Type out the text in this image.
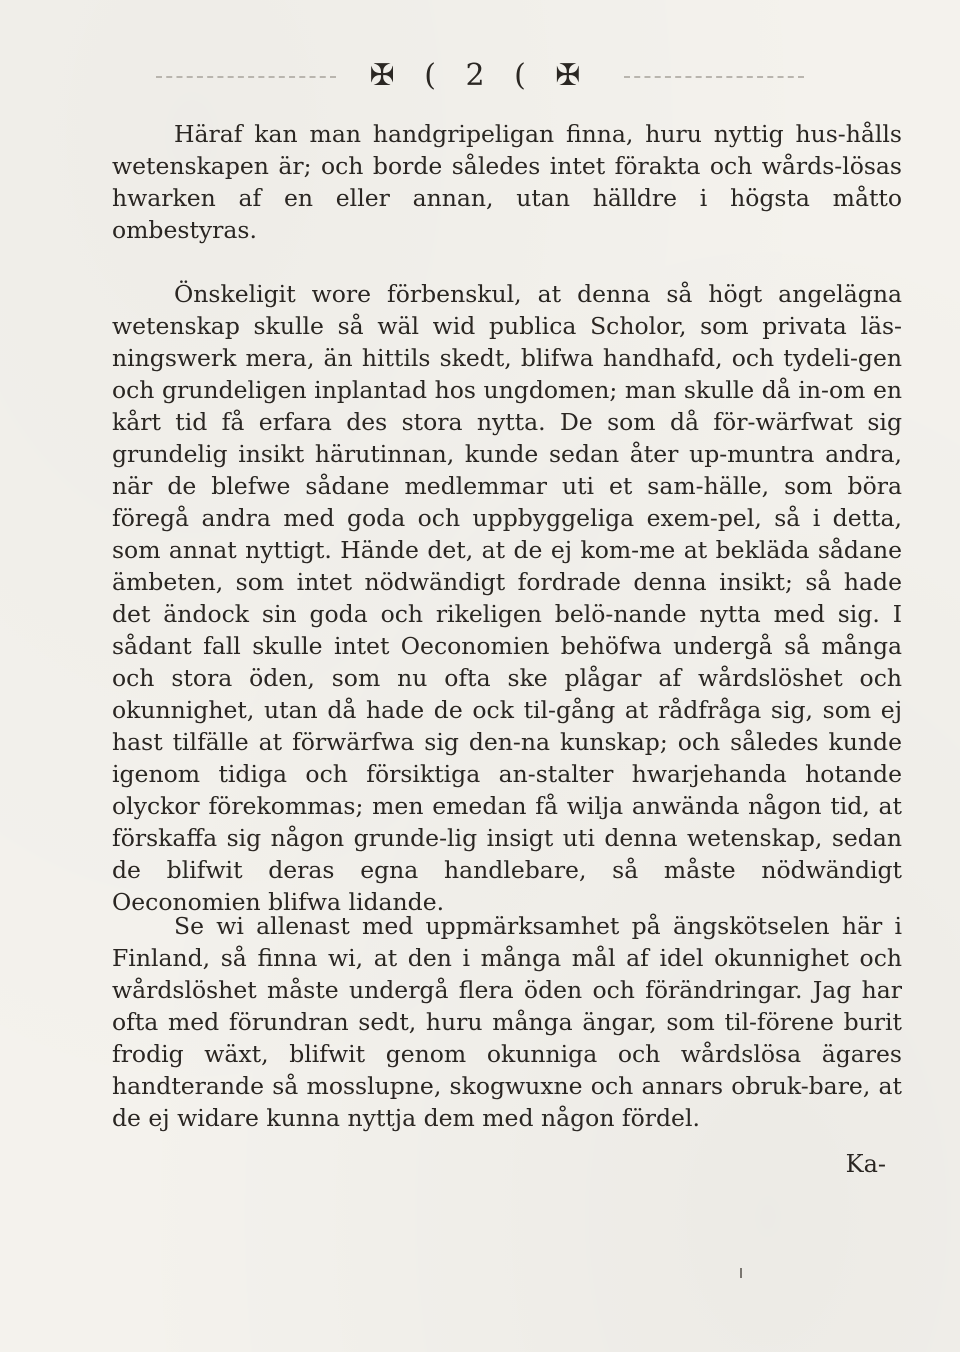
✠ ( 2 ( ✠

Häraf kan man handgripeligan finna, huru nyttig hus-hålls wetenskapen är; och borde således intet förakta och wårds-lösas hwarken af en eller annan, utan hälldre i högsta måtto ombestyras.

Önskeligit wore förbenskul, at denna så högt angelägna wetenskap skulle så wäl wid publica Scholor, som privata läs-ningswerk mera, än hittils skedt, blifwa handhafd, och tydeli-gen och grundeligen inplantad hos ungdomen; man skulle då in-om en kårt tid få erfara des stora nytta. De som då för-wärfwat sig grundelig insikt härutinnan, kunde sedan åter up-muntra andra, när de blefwe sådane medlemmar uti et sam-hälle, som böra föregå andra med goda och uppbyggeliga exem-pel, så i detta, som annat nyttigt. Hände det, at de ej kom-me at bekläda sådane ämbeten, som intet nödwändigt fordrade denna insikt; så hade det ändock sin goda och rikeligen belö-nande nytta med sig. I sådant fall skulle intet Oeconomien behöfwa undergå så många och stora öden, som nu ofta ske plågar af wårdslöshet och okunnighet, utan då hade de ock til-gång at rådfråga sig, som ej hast tilfälle at förwärfwa sig den-na kunskap; och således kunde igenom tidiga och försiktiga an-stalter hwarjehanda hotande olyckor förekommas; men emedan få wilja anwända någon tid, at förskaffa sig någon grunde-lig insigt uti denna wetenskap, sedan de blifwit deras egna handlebare, så måste nödwändigt Oeconomien blifwa lidande.

Se wi allenast med uppmärksamhet på ängskötselen här i Finland, så finna wi, at den i många mål af idel okunnighet och wårdslöshet måste undergå flera öden och förändringar. Jag har ofta med förundran sedt, huru många ängar, som til-förene burit frodig wäxt, blifwit genom okunniga och wårdslösa ägares handterande så mosslupne, skogwuxne och annars obruk-bare, at de ej widare kunna nyttja dem med någon fördel.

Ka-
